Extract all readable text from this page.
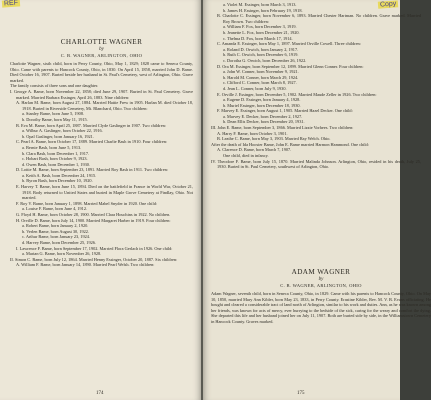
REF
CHARLOTTE WAGNER
by
C. B. WAGNER, ARLINGTON, OHIO

Charlotte Wagner, sixth child, born in Perry County, Ohio, May 1, 1829; 1828 came to Seneca County, Ohio. Came with parents to Hancock County, Ohio, in 1830. On April 15, 1858, married John D. Bame. Died October 16, 1907. Buried beside her husband in St. Paul's Cemetery, west of Arlington, Ohio. Grave marked.

The family consists of three sons and one daughter.

I. George A. Bame, born November 22, 1858; died June 29, 1907. Buried in St. Paul Cemetery. Grave marked. Married Barbara Essinger, April 26, 1883. Nine children:

A. Harlan M. Bame, born August 27, 1884. Married Hattie Frew in 1905. Harlan M. died October 18, 1918. Buried in Riverside Cemetery, Mt. Blanchard, Ohio. Two children:

a. Stanley Bame, born June 5, 1908.

b. Dorothy Bame, born May 11, 1915.

B. Eva M. Bame, born April 25, 1887. Married Clyde Gaslinger in 1907. Two children:

a. Wilbur A. Gaslinger, born October 22, 1916.

b. Opal Gaslinger, born January 16, 1921.

C. Pearl A. Bame, born October 17, 1889. Married Charlie Bash in 1910. Four children:

a. Bernie Bash, born June 5, 1913.

b. Clara Bash, born December 1, 1917.

c. Hobart Bash, born October 9, 1923.

d. Owen Bash, born December 1, 1930.

D. Lottie M. Bame, born September 23, 1891. Married Roy Bash in 1911. Two children:

a. Keith A. Bash, born December 24, 1915.

b. Byron Bash, born December 10, 1920.

E. Harvey T. Bame, born June 15, 1894. Died on the battlefield in France in World War, October 21, 1918. Body returned to United States and buried in Maple Grove Cemetery at Findlay, Ohio. Not married.

F. Roy V. Bame, born January 1, 1898. Married Mabel Snyder in 1920. One child:

a. Louise F. Bame, born June 4, 1912.

G. Floyd H. Bame, born October 28, 1900. Married Clara Houchins in 1922. No children.

H. Orville D. Bame, born July 14, 1900. Married Margaret Harber in 1919. Four children:

a. Robert Bame, born January 2, 1920.

b. Verlen Bame, born August 30, 1922.

c. Arthur Bame, born January 23, 1924.

d. Harvey Bame, born December 25, 1926.

I. Lawrence F. Bame, born September 17, 1902. Married Flora Gerlach in 1926. One child:

a. Marian G. Bame, born November 26, 1928.

II. Simon C. Bame, born July 12, 1864. Married Henny Essinger, October 20, 1887. Six children:

A. William F. Bame, born January 14, 1890. Married Pearl Welsh. Two children:

174
Copy

a. Violet M. Essinger, born March 3, 1913.

b. James H. Essinger, born February 19, 1918.

B. Charlotte C. Essinger, born November 6, 1893. Married Chester Hartman. No children. Grave marked. Married Roy Brown. Two children:

a. William F. Fox, born December 3, 1919.

b. Jeanette L. Fox, born December 21, 1920.

c. Thelma D. Fox, born March 17, 1914.

C. Amanda E. Essinger, born May 1, 1897. Married Orville Cowell. Three children:

a. Roland D. Orwich, born January 2, 1917.

b. Ruth C. Orwich, born December 6, 1919.

c. Dorotha G. Orwich, born December 26, 1922.

D. Ora M. Essinger, born September 12, 1899. Married Glenn Conner. Four children:

a. John W. Conner, born November 9, 1921.

b. Harold M. Conner, born March 29, 1924.

c. Clifford C. Conner, born March 8, 1927.

d. Jean L. Conner, born July 9, 1930.

E. Orville J. Essinger, born December 5, 1902. Married Maude Zeller in 1926. Two children:

a. Eugene D. Essinger, born January 4, 1928.

b. Muriel Essinger, born December 18, 1930.

F. Marvey E. Essinger, born August 1, 1905. Married Hazel Decker. One child:

a. Marvey E. Decker, born December 2, 1927.

b. Dean Ellis Decker, born December 20, 1931.

III. John E. Bame, born September 3, 1866. Married Lizzie Vorhees. Two children:

A. Harry F. Bame, born October 3, 1901.

B. Leathe C. Bame, born May 3, 1903. Married Ray Welch. Ohio.

After the death of Ida Hoosier Bame, John E. Bame married Harmon Hammond. One child:

A. Clarence D. Bame, born March 7, 1907.

One child, died in infancy.

IV. Theodore F. Bame, born July 15, 1870. Married Malinda Johnson. Arlington, Ohio, resided in his death, July 25, 1930. Buried in St. Paul Cemetery, southwest of Arlington, Ohio.

ADAM WAGNER
by
C. B. WAGNER, ARLINGTON, OHIO

Adam Wagner, seventh child, born in Seneca County, Ohio, in 1829. Came with his parents to Hancock County, Ohio. On May 10, 1850, married Mary Ann Kibler, born May 23, 1833, in Perry County. Erastine Kibler, Rev. M. V. B. Evans officiating. He bought and cleared a considerable tract of land north of Arlington, similar to his work and duties. Ann, as he was known among her friends, was known for acts of mercy, ever hurrying to the bedside of the sick, caring for the weary and comfort the dying. She departed this life and her husband joined her on July 11, 1907. Both are buried side by side, in the Williamstown Cemetery in Hancock County. Graves marked.

175
